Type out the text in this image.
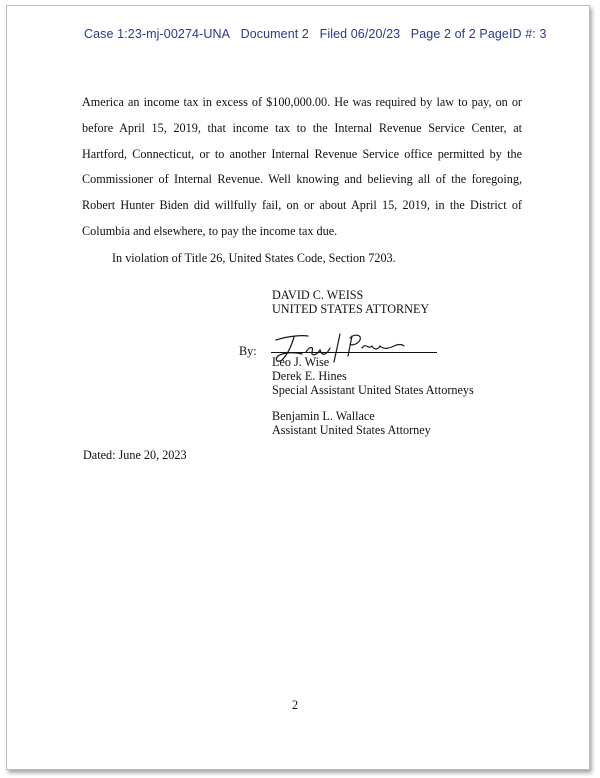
Case 1:23-mj-00274-UNA Document 2 Filed 06/20/23 Page 2 of 2 PageID #: 3
America an income tax in excess of $100,000.00. He was required by law to pay, on or
before April 15, 2019, that income tax to the Internal Revenue Service Center, at
Hartford, Connecticut, or to another Internal Revenue Service office permitted by the
Commissioner of Internal Revenue. Well knowing and believing all of the foregoing,
Robert Hunter Biden did willfully fail, on or about April 15, 2019, in the District of
Columbia and elsewhere, to pay the income tax due.
In violation of Title 26, United States Code, Section 7203.
DAVID C. WEISS
UNITED STATES ATTORNEY
By:
Leo J. Wise
Derek E. Hines
Special Assistant United States Attorneys
Benjamin L. Wallace
Assistant United States Attorney
Dated: June 20, 2023
2
